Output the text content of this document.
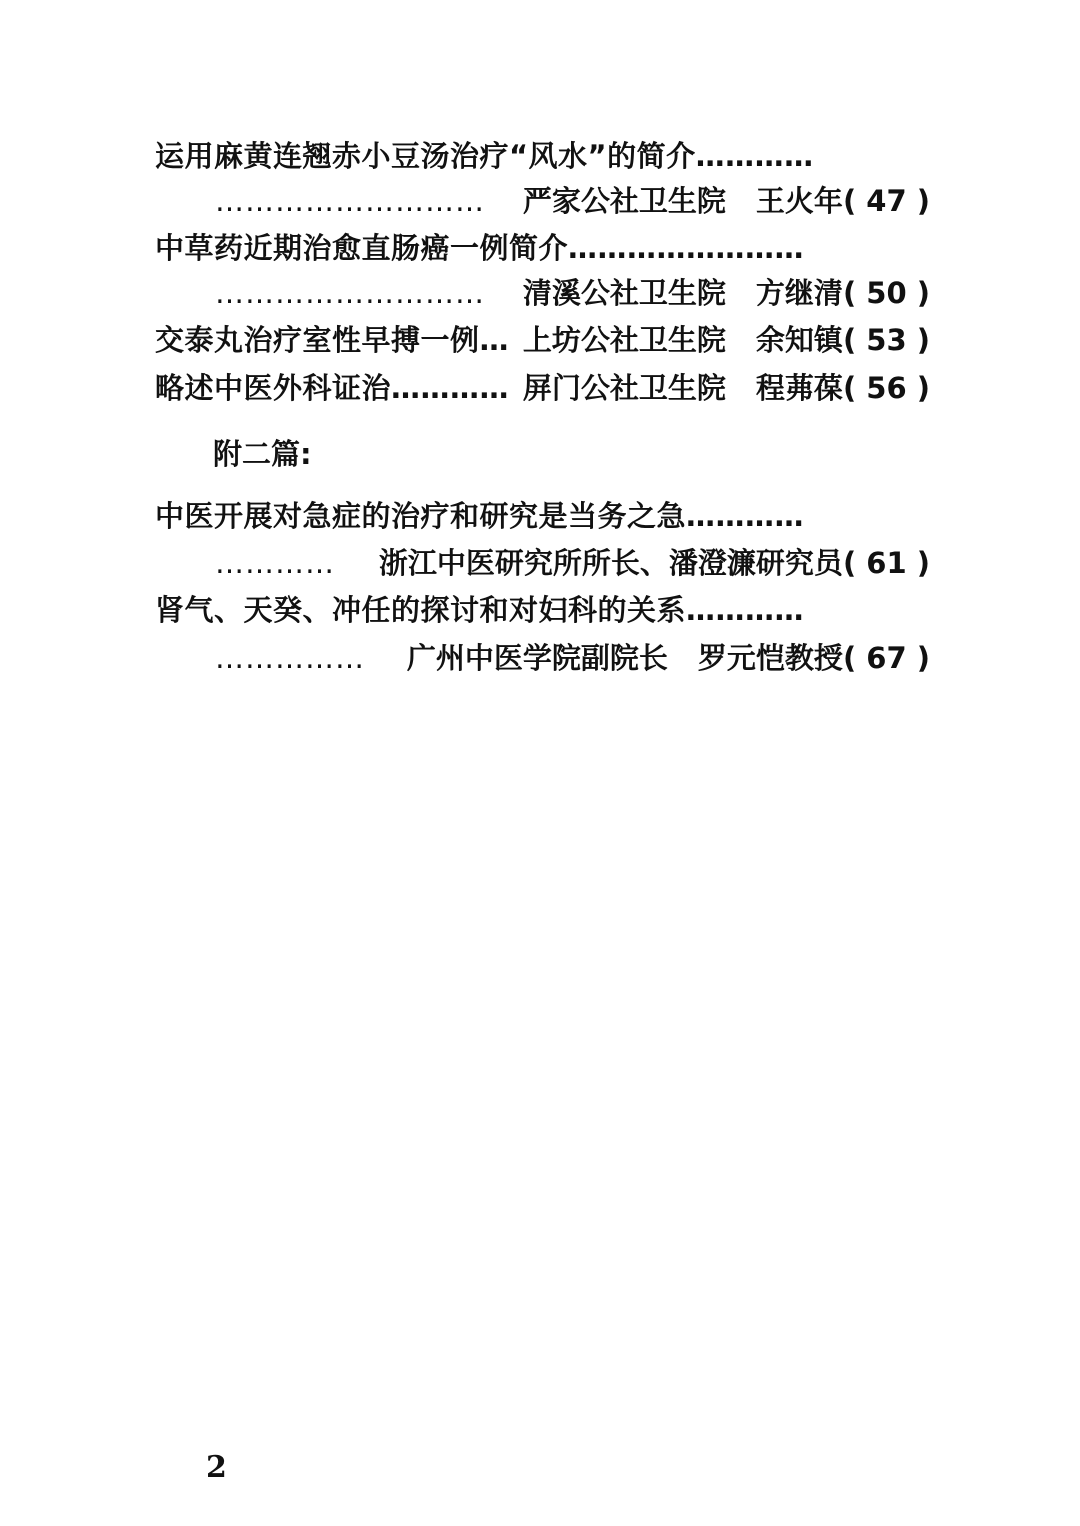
运用麻黄连翘赤小豆汤治疗“风水”的简介…………
……………………… 严家公社卫生院 王火年( 47 )
中草药近期治愈直肠癌一例简介……………………
……………………… 清溪公社卫生院 方继清( 50 )
交泰丸治疗室性早搏一例… 上坊公社卫生院 余知镇( 53 )
略述中医外科证治………… 屏门公社卫生院 程茀葆( 56 )
附二篇:
中医开展对急症的治疗和研究是当务之急…………
………… 浙江中医研究所所长、潘澄濂研究员( 61 )
肾气、天癸、冲任的探讨和对妇科的关系…………
…………… 广州中医学院副院长 罗元恺教授( 67 )
2
